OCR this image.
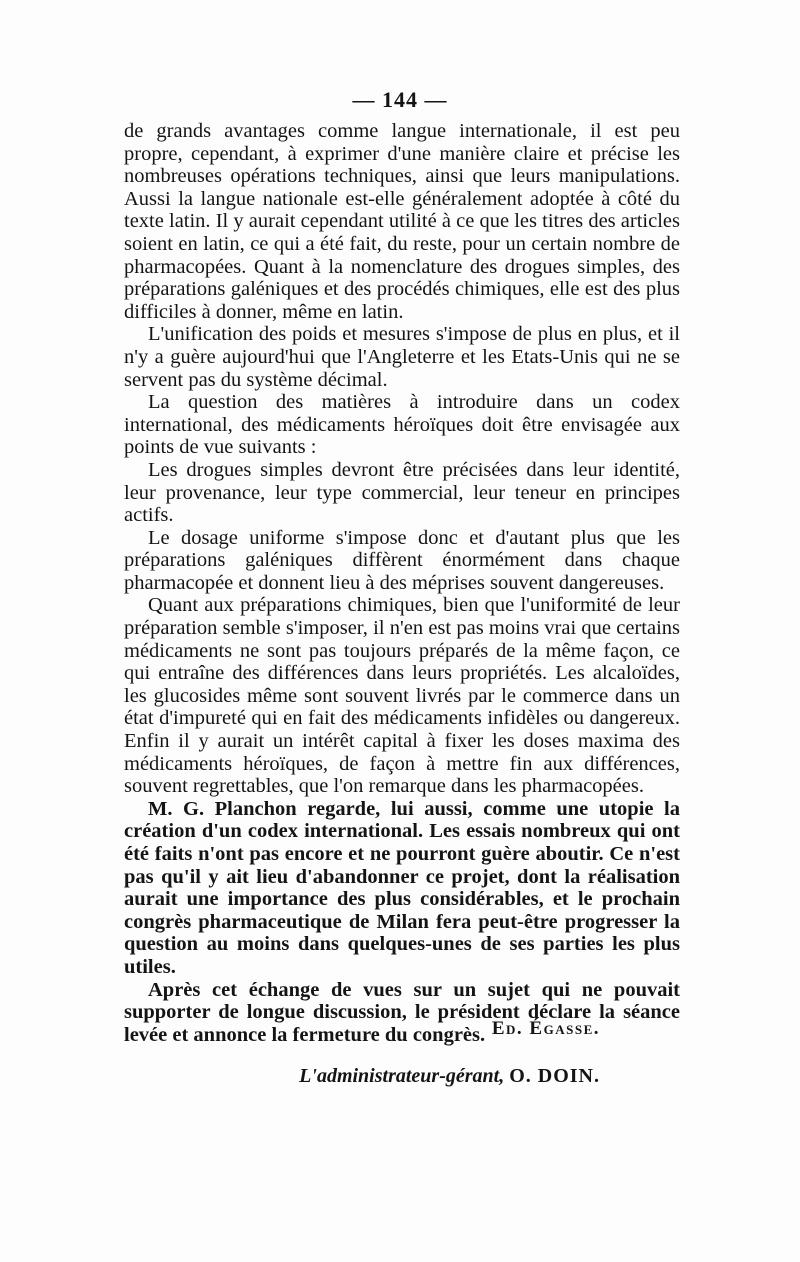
— 144 —

de grands avantages comme langue internationale, il est peu propre, cependant, à exprimer d'une manière claire et précise les nombreuses opérations techniques, ainsi que leurs manipulations. Aussi la langue nationale est-elle généralement adoptée à côté du texte latin. Il y aurait cependant utilité à ce que les titres des articles soient en latin, ce qui a été fait, du reste, pour un certain nombre de pharmacopées. Quant à la nomenclature des drogues simples, des préparations galéniques et des procédés chimiques, elle est des plus difficiles à donner, même en latin.

L'unification des poids et mesures s'impose de plus en plus, et il n'y a guère aujourd'hui que l'Angleterre et les Etats-Unis qui ne se servent pas du système décimal.

La question des matières à introduire dans un codex international, des médicaments héroïques doit être envisagée aux points de vue suivants :

Les drogues simples devront être précisées dans leur identité, leur provenance, leur type commercial, leur teneur en principes actifs.

Le dosage uniforme s'impose donc et d'autant plus que les préparations galéniques diffèrent énormément dans chaque pharmacopée et donnent lieu à des méprises souvent dangereuses.

Quant aux préparations chimiques, bien que l'uniformité de leur préparation semble s'imposer, il n'en est pas moins vrai que certains médicaments ne sont pas toujours préparés de la même façon, ce qui entraîne des différences dans leurs propriétés. Les alcaloïdes, les glucosides même sont souvent livrés par le commerce dans un état d'impureté qui en fait des médicaments infidèles ou dangereux. Enfin il y aurait un intérêt capital à fixer les doses maxima des médicaments héroïques, de façon à mettre fin aux différences, souvent regrettables, que l'on remarque dans les pharmacopées.

M. G. Planchon regarde, lui aussi, comme une utopie la création d'un codex international. Les essais nombreux qui ont été faits n'ont pas encore et ne pourront guère aboutir. Ce n'est pas qu'il y ait lieu d'abandonner ce projet, dont la réalisation aurait une importance des plus considérables, et le prochain congrès pharmaceutique de Milan fera peut-être progresser la question au moins dans quelques-unes de ses parties les plus utiles.

Après cet échange de vues sur un sujet qui ne pouvait supporter de longue discussion, le président déclare la séance levée et annonce la fermeture du congrès. Ed. Égasse.
L'administrateur-gérant, O. DOIN.
